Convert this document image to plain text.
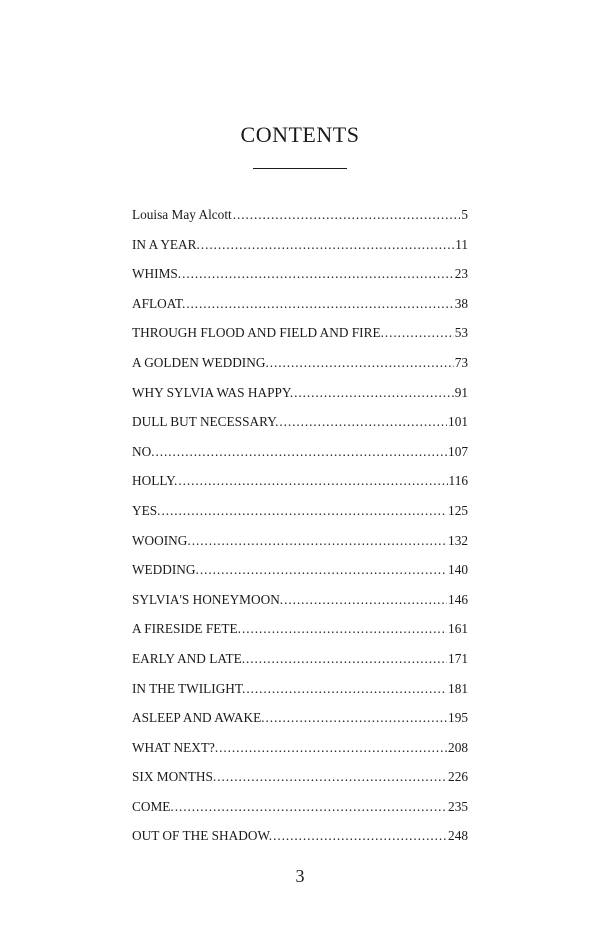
CONTENTS
Louisa May Alcott . . .	5
IN A YEAR. . . .	11
WHIMS. . . .	23
AFLOAT. . . .	38
THROUGH FLOOD AND FIELD AND FIRE. . . .	53
A GOLDEN WEDDING. . . .	73
WHY SYLVIA WAS HAPPY. . . .	91
DULL BUT NECESSARY. . . .	101
NO. . . .	107
HOLLY. . . .	116
YES. . . .	125
WOOING. . . .	132
WEDDING. . . .	140
SYLVIA'S HONEYMOON. . . .	146
A FIRESIDE FETE. . . .	161
EARLY AND LATE. . . .	171
IN THE TWILIGHT. . . .	181
ASLEEP AND AWAKE. . . .	195
WHAT NEXT?. . . .	208
SIX MONTHS. . . .	226
COME. . . .	235
OUT OF THE SHADOW. . . .	248
3
